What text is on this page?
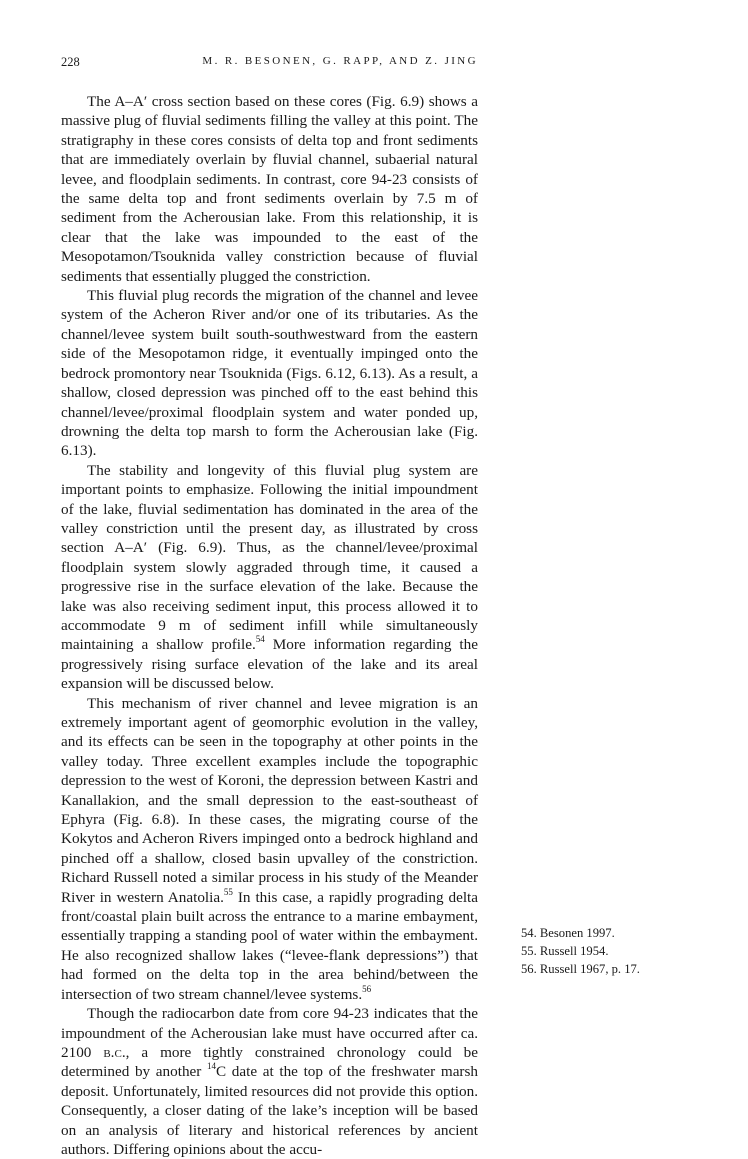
228	M. R. BESONEN, G. RAPP, AND Z. JING

The A–A′ cross section based on these cores (Fig. 6.9) shows a massive plug of fluvial sediments filling the valley at this point. The stratigraphy in these cores consists of delta top and front sediments that are immediately overlain by fluvial channel, subaerial natural levee, and floodplain sediments. In contrast, core 94-23 consists of the same delta top and front sediments overlain by 7.5 m of sediment from the Acherousian lake. From this relationship, it is clear that the lake was impounded to the east of the Mesopotamon/Tsouknida valley constriction because of fluvial sediments that essentially plugged the constriction.

This fluvial plug records the migration of the channel and levee system of the Acheron River and/or one of its tributaries. As the channel/levee system built south-southwestward from the eastern side of the Mesopotamon ridge, it eventually impinged onto the bedrock promontory near Tsouknida (Figs. 6.12, 6.13). As a result, a shallow, closed depression was pinched off to the east behind this channel/levee/proximal floodplain system and water ponded up, drowning the delta top marsh to form the Acherousian lake (Fig. 6.13).

The stability and longevity of this fluvial plug system are important points to emphasize. Following the initial impoundment of the lake, fluvial sedimentation has dominated in the area of the valley constriction until the present day, as illustrated by cross section A–A′ (Fig. 6.9). Thus, as the channel/levee/proximal floodplain system slowly aggraded through time, it caused a progressive rise in the surface elevation of the lake. Because the lake was also receiving sediment input, this process allowed it to accommodate 9 m of sediment infill while simultaneously maintaining a shallow profile.$^{54}$ More information regarding the progressively rising surface elevation of the lake and its areal expansion will be discussed below.

This mechanism of river channel and levee migration is an extremely important agent of geomorphic evolution in the valley, and its effects can be seen in the topography at other points in the valley today. Three excellent examples include the topographic depression to the west of Koroni, the depression between Kastri and Kanallakion, and the small depression to the east-southeast of Ephyra (Fig. 6.8). In these cases, the migrating course of the Kokytos and Acheron Rivers impinged onto a bedrock highland and pinched off a shallow, closed basin upvalley of the constriction. Richard Russell noted a similar process in his study of the Meander River in western Anatolia.$^{55}$ In this case, a rapidly prograding delta front/coastal plain built across the entrance to a marine embayment, essentially trapping a standing pool of water within the embayment. He also recognized shallow lakes (“levee-flank depressions”) that had formed on the delta top in the area behind/between the intersection of two stream channel/levee systems.$^{56}$

Though the radiocarbon date from core 94-23 indicates that the impoundment of the Acherousian lake must have occurred after ca. 2100 b.c., a more tightly constrained chronology could be determined by another $^{14}$C date at the top of the freshwater marsh deposit. Unfortunately, limited resources did not provide this option. Consequently, a closer dating of the lake’s inception will be based on an analysis of literary and historical references by ancient authors. Differing opinions about the accu-

54. Besonen 1997.
55. Russell 1954.
56. Russell 1967, p. 17.
